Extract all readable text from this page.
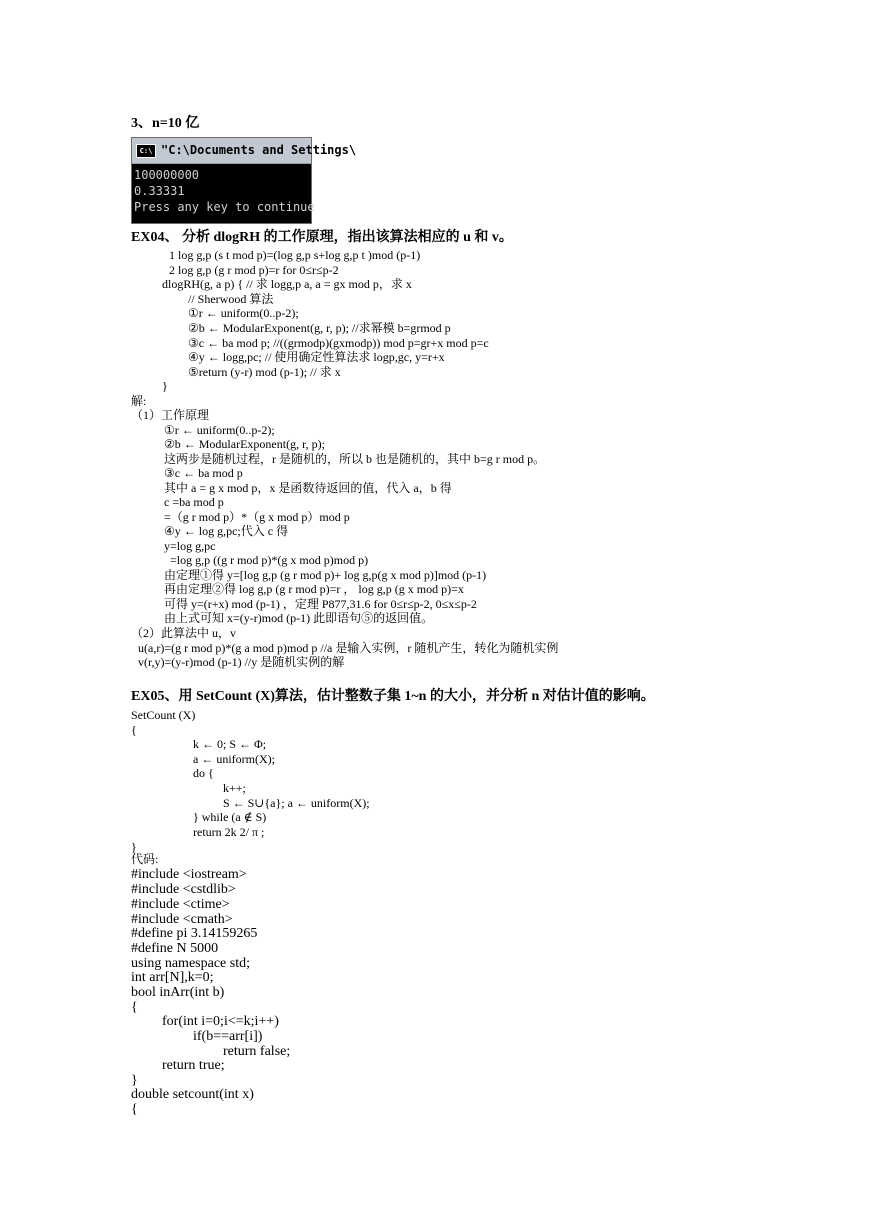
3、n=10 亿
C:\ "C:\Documents and Settings\
100000000
0.33331
Press any key to continue
EX04、 分析 dlogRH 的工作原理，指出该算法相应的 u 和 v。
1 log g,p (s t mod p)=(log g,p s+log g,p t )mod (p-1)
2 log g,p (g r mod p)=r for 0≤r≤p-2
dlogRH(g, a p) { // 求 logg,p a, a = gx mod p，求 x
// Sherwood 算法
①r ← uniform(0..p-2);
②b ← ModularExponent(g, r, p); //求幂模 b=grmod p
③c ← ba mod p; //((grmodp)(gxmodp)) mod p=gr+x mod p=c
④y ← logg,pc; // 使用确定性算法求 logp,gc, y=r+x
⑤return (y-r) mod (p-1); // 求 x
}
解:
（1）工作原理
①r ← uniform(0..p-2);
②b ← ModularExponent(g, r, p);
这两步是随机过程，r 是随机的，所以 b 也是随机的，其中 b=g r mod p。
③c ← ba mod p
其中 a = g x mod p，x 是函数待返回的值，代入 a，b 得
c =ba mod p
=（g r mod p）*（g x mod p）mod p
④y ← log g,pc;代入 c 得
y=log g,pc
=log g,p ((g r mod p)*(g x mod p)mod p)
由定理①得 y=[log g,p (g r mod p)+ log g,p(g x mod p)]mod (p-1)
再由定理②得 log g,p (g r mod p)=r ， log g,p (g x mod p)=x
可得 y=(r+x) mod (p-1) ，定理 P877,31.6 for 0≤r≤p-2, 0≤x≤p-2
由上式可知 x=(y-r)mod (p-1) 此即语句⑤的返回值。
（2）此算法中 u，v
u(a,r)=(g r mod p)*(g a mod p)mod p //a 是输入实例，r 随机产生，转化为随机实例
v(r,y)=(y-r)mod (p-1) //y 是随机实例的解
EX05、用 SetCount (X)算法，估计整数子集 1~n 的大小，并分析 n 对估计值的影响。
SetCount (X)
{
k ← 0; S ← Φ;
a ← uniform(X);
do {
k++;
S ← S∪{a}; a ← uniform(X);
} while (a ∉ S)
return 2k 2/ π ;
}
代码:
#include <iostream>
#include <cstdlib>
#include <ctime>
#include <cmath>
#define pi 3.14159265
#define N 5000
using namespace std;
int arr[N],k=0;
bool inArr(int b)
{
for(int i=0;i<=k;i++)
if(b==arr[i])
return false;
return true;
}
double setcount(int x)
{
